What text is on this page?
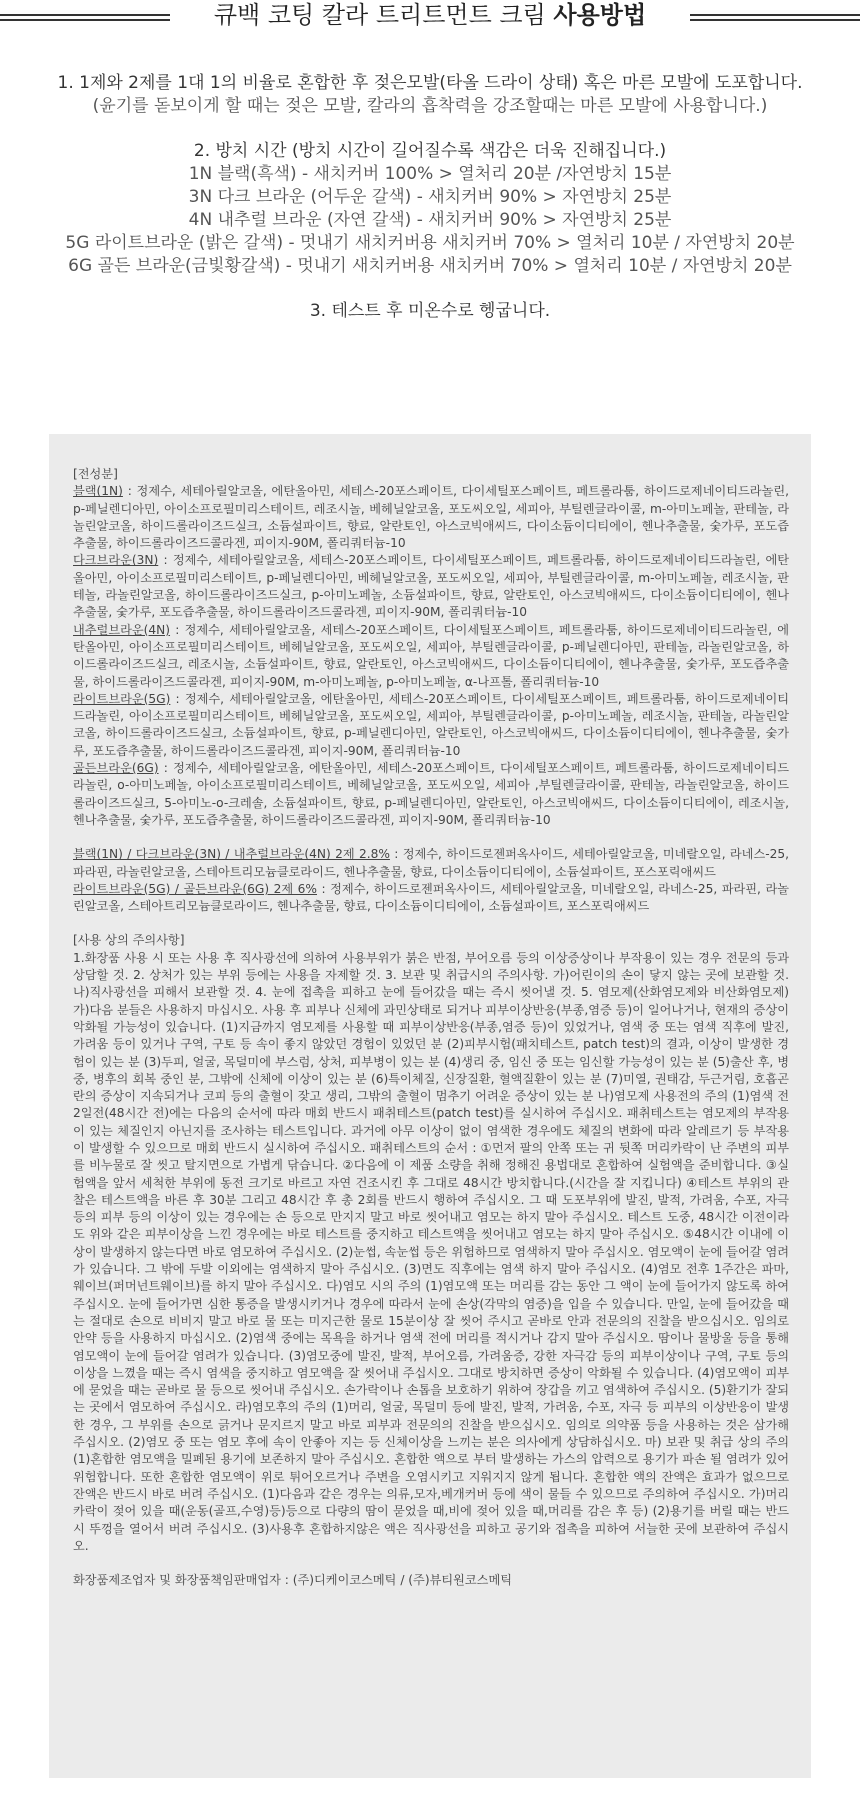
큐백 코팅 칼라 트리트먼트 크림 사용방법

1. 1제와 2제를 1대 1의 비율로 혼합한 후 젖은모발(타올 드라이 상태) 혹은 마른 모발에 도포합니다.

(윤기를 돋보이게 할 때는 젖은 모발, 칼라의 흡착력을 강조할때는 마른 모발에 사용합니다.)

2. 방치 시간 (방치 시간이 길어질수록 색감은 더욱 진해집니다.)

1N 블랙(흑색) - 새치커버 100% > 열처리 20분 /자연방치 15분

3N 다크 브라운 (어두운 갈색) - 새치커버 90% > 자연방치 25분

4N 내추럴 브라운 (자연 갈색) - 새치커버 90% > 자연방치 25분

5G 라이트브라운 (밝은 갈색) - 멋내기 새치커버용 새치커버 70% > 열처리 10분 / 자연방치 20분

6G 골든 브라운(금빛황갈색) - 멋내기 새치커버용 새치커버 70% > 열처리 10분 / 자연방치 20분

3. 테스트 후 미온수로 헹굽니다.

[전성분]

블랙(1N) : 정제수, 세테아릴알코올, 에탄올아민, 세테스-20포스페이트, 다이세틸포스페이트, 페트롤라툼, 하이드로제네이티드라놀린, p-페닐렌디아민, 아이소프로필미리스테이트, 레조시놀, 베헤닐알코올, 포도씨오일, 세피아, 부틸렌글라이콜, m-아미노페놀, 판테놀, 라놀린알코올, 하이드롤라이즈드실크, 소듐설파이트, 향료, 알란토인, 아스코빅애씨드, 다이소듐이디티에이, 헨나추출물, 숯가루, 포도즙추출물, 하이드롤라이즈드콜라겐, 피이지-90M, 폴리쿼터늄-10

다크브라운(3N) : 정제수, 세테아릴알코올, 세테스-20포스페이트, 다이세틸포스페이트, 페트롤라툼, 하이드로제네이티드라놀린, 에탄올아민, 아이소프로필미리스테이트, p-페닐렌디아민, 베헤닐알코올, 포도씨오일, 세피아, 부틸렌글라이콜, m-아미노페놀, 레조시놀, 판테놀, 라놀린알코올, 하이드롤라이즈드실크, p-아미노페놀, 소듐설파이트, 향료, 알란토인, 아스코빅애씨드, 다이소듐이디티에이, 헨나추출물, 숯가루, 포도즙추출물, 하이드롤라이즈드콜라겐, 피이지-90M, 폴리쿼터늄-10

내추럴브라운(4N) : 정제수, 세테아릴알코올, 세테스-20포스페이트, 다이세틸포스페이트, 페트롤라툼, 하이드로제네이티드라놀린, 에탄올아민, 아이소프로필미리스테이트, 베헤닐알코올, 포도씨오일, 세피아, 부틸렌글라이콜, p-페닐렌디아민, 판테놀, 라놀린알코올, 하이드롤라이즈드실크, 레조시놀, 소듐설파이트, 향료, 알란토인, 아스코빅애씨드, 다이소듐이디티에이, 헨나추출물, 숯가루, 포도즙추출물, 하이드롤라이즈드콜라겐, 피이지-90M, m-아미노페놀, p-아미노페놀, α-나프톨, 폴리쿼터늄-10

라이트브라운(5G) : 정제수, 세테아릴알코올, 에탄올아민, 세테스-20포스페이트, 다이세틸포스페이트, 페트롤라툼, 하이드로제네이티드라놀린, 아이소프로필미리스테이트, 베헤닐알코올, 포도씨오일, 세피아, 부틸렌글라이콜, p-아미노페놀, 레조시놀, 판테놀, 라놀린알코올, 하이드롤라이즈드실크, 소듐설파이트, 향료, p-페닐렌디아민, 알란토인, 아스코빅애씨드, 다이소듐이디티에이, 헨나추출물, 숯가루, 포도즙추출물, 하이드롤라이즈드콜라겐, 피이지-90M, 폴리쿼터늄-10

골든브라운(6G) : 정제수, 세테아릴알코올, 에탄올아민, 세테스-20포스페이트, 다이세틸포스페이트, 페트롤라툼, 하이드로제네이티드라놀린, o-아미노페놀, 아이소프로필미리스테이트, 베헤닐알코올, 포도씨오일, 세피아 ,부틸렌글라이콜, 판테놀, 라놀린알코올, 하이드롤라이즈드실크, 5-아미노-o-크레솔, 소듐설파이트, 향료, p-페닐렌디아민, 알란토인, 아스코빅애씨드, 다이소듐이디티에이, 레조시놀, 헨나추출물, 숯가루, 포도즙추출물, 하이드롤라이즈드콜라겐, 피이지-90M, 폴리쿼터늄-10

블랙(1N) / 다크브라운(3N) / 내추럴브라운(4N) 2제 2.8% : 정제수, 하이드로젠퍼옥사이드, 세테아릴알코올, 미네랄오일, 라네스-25, 파라핀, 라놀린알코올, 스테아트리모늄클로라이드, 헨나추출물, 향료, 다이소듐이디티에이, 소듐설파이트, 포스포릭애씨드

라이트브라운(5G) / 골든브라운(6G) 2제 6% : 정제수, 하이드로젠퍼옥사이드, 세테아릴알코올, 미네랄오일, 라네스-25, 파라핀, 라놀린알코올, 스테아트리모늄클로라이드, 헨나추출물, 향료, 다이소듐이디티에이, 소듐설파이트, 포스포릭애씨드

[사용 상의 주의사항]

1.화장품 사용 시 또는 사용 후 직사광선에 의하여 사용부위가 붉은 반점, 부어오름 등의 이상증상이나 부작용이 있는 경우 전문의 등과 상담할 것. 2. 상처가 있는 부위 등에는 사용을 자제할 것. 3. 보관 및 취급시의 주의사항. 가)어린이의 손이 닿지 않는 곳에 보관할 것. 나)직사광선을 피해서 보관할 것. 4. 눈에 접촉을 피하고 눈에 들어갔을 때는 즉시 씻어낼 것. 5. 염모제(산화염모제와 비산화염모제) 가)다음 분들은 사용하지 마십시오. 사용 후 피부나 신체에 과민상태로 되거나 피부이상반응(부종,염증 등)이 일어나거나, 현재의 증상이 악화될 가능성이 있습니다. (1)지금까지 염모제를 사용할 때 피부이상반응(부종,염증 등)이 있었거나, 염색 중 또는 염색 직후에 발진, 가려움 등이 있거나 구역, 구토 등 속이 좋지 않았던 경험이 있었던 분 (2)피부시험(패치테스트, patch test)의 결과, 이상이 발생한 경험이 있는 분 (3)두피, 얼굴, 목덜미에 부스럼, 상처, 피부병이 있는 분 (4)생리 중, 임신 중 또는 임신할 가능성이 있는 분 (5)출산 후, 병중, 병후의 회복 중인 분, 그밖에 신체에 이상이 있는 분 (6)특이체질, 신장질환, 혈액질환이 있는 분 (7)미열, 권태감, 두근거림, 호흡곤란의 증상이 지속되거나 코피 등의 출혈이 잦고 생리, 그밖의 출혈이 멈추기 어려운 증상이 있는 분 나)염모제 사용전의 주의 (1)염색 전 2일전(48시간 전)에는 다음의 순서에 따라 매회 반드시 패취테스트(patch test)를 실시하여 주십시오. 패취테스트는 염모제의 부작용이 있는 체질인지 아닌지를 조사하는 테스트입니다. 과거에 아무 이상이 없이 염색한 경우에도 체질의 변화에 따라 알레르기 등 부작용이 발생할 수 있으므로 매회 반드시 실시하여 주십시오. 패취테스트의 순서 : ①먼저 팔의 안쪽 또는 귀 뒷쪽 머리카락이 난 주변의 피부를 비누물로 잘 씻고 탈지면으로 가볍게 닦습니다. ②다음에 이 제품 소량을 취해 정해진 용법대로 혼합하여 실험액을 준비합니다. ③실험액을 앞서 세척한 부위에 동전 크기로 바르고 자연 건조시킨 후 그대로 48시간 방치합니다.(시간을 잘 지킵니다) ④테스트 부위의 관찰은 테스트액을 바른 후 30분 그리고 48시간 후 총 2회를 반드시 행하여 주십시오. 그 때 도포부위에 발진, 발적, 가려움, 수포, 자극 등의 피부 등의 이상이 있는 경우에는 손 등으로 만지지 말고 바로 씻어내고 염모는 하지 말아 주십시오. 테스트 도중, 48시간 이전이라도 위와 같은 피부이상을 느낀 경우에는 바로 테스트를 중지하고 테스트액을 씻어내고 염모는 하지 말아 주십시오. ⑤48시간 이내에 이상이 발생하지 않는다면 바로 염모하여 주십시오. (2)눈썹, 속눈썹 등은 위험하므로 염색하지 말아 주십시오. 염모액이 눈에 들어갈 염려가 있습니다. 그 밖에 두발 이외에는 염색하지 말아 주십시오. (3)면도 직후에는 염색 하지 말아 주십시오. (4)염모 전후 1주간은 파마, 웨이브(퍼머넌트웨이브)를 하지 말아 주십시오. 다)염모 시의 주의 (1)염모액 또는 머리를 감는 동안 그 액이 눈에 들어가지 않도록 하여 주십시오. 눈에 들어가면 심한 통증을 발생시키거나 경우에 따라서 눈에 손상(각막의 염증)을 입을 수 있습니다. 만일, 눈에 들어갔을 때는 절대로 손으로 비비지 말고 바로 물 또는 미지근한 물로 15분이상 잘 씻어 주시고 곧바로 안과 전문의의 진찰을 받으십시오. 임의로 안약 등을 사용하지 마십시오. (2)염색 중에는 목욕을 하거나 염색 전에 머리를 적시거나 감지 말아 주십시오. 땀이나 물방울 등을 통해 염모액이 눈에 들어갈 염려가 있습니다. (3)염모중에 발진, 발적, 부어오름, 가려움증, 강한 자극감 등의 피부이상이나 구역, 구토 등의 이상을 느꼈을 때는 즉시 염색을 중지하고 염모액을 잘 씻어내 주십시오. 그대로 방치하면 증상이 악화될 수 있습니다. (4)염모액이 피부에 묻었을 때는 곧바로 물 등으로 씻어내 주십시오. 손가락이나 손톱을 보호하기 위하여 장갑을 끼고 염색하여 주십시오. (5)환기가 잘되는 곳에서 염모하여 주십시오. 라)염모후의 주의 (1)머리, 얼굴, 목덜미 등에 발진, 발적, 가려움, 수포, 자극 등 피부의 이상반응이 발생한 경우, 그 부위를 손으로 긁거나 문지르지 말고 바로 피부과 전문의의 진찰을 받으십시오. 임의로 의약품 등을 사용하는 것은 삼가해 주십시오. (2)염모 중 또는 염모 후에 속이 안좋아 지는 등 신체이상을 느끼는 분은 의사에게 상담하십시오. 마) 보관 및 취급 상의 주의 (1)혼합한 염모액을 밀폐된 용기에 보존하지 말아 주십시오. 혼합한 액으로 부터 발생하는 가스의 압력으로 용기가 파손 될 염려가 있어 위험합니다. 또한 혼합한 염모액이 위로 튀어오르거나 주변을 오염시키고 지워지지 않게 됩니다. 혼합한 액의 잔액은 효과가 없으므로 잔액은 반드시 바로 버려 주십시오. (1)다음과 같은 경우는 의류,모자,베개커버 등에 색이 물들 수 있으므로 주의하여 주십시오. 가)머리카락이 젖어 있을 때(운동(골프,수영)등)등으로 다량의 땀이 묻었을 때,비에 젖어 있을 때,머리를 감은 후 등) (2)용기를 버릴 때는 반드시 뚜껑을 열어서 버려 주십시오. (3)사용후 혼합하지않은 액은 직사광선을 피하고 공기와 접촉을 피하여 서늘한 곳에 보관하여 주십시오.

화장품제조업자 및 화장품책임판매업자 : (주)디케이코스메틱 / (주)뷰티원코스메틱
